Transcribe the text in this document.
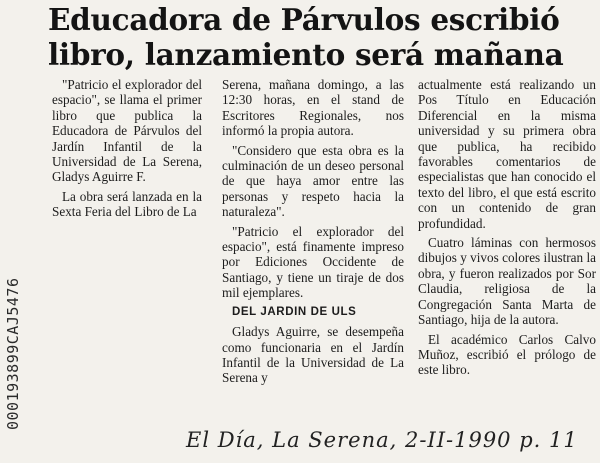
000193899CAJ5476
Educadora de Párvulos escribió
libro, lanzamiento será mañana

"Patricio el explorador del espacio", se llama el primer libro que publica la Educadora de Párvulos del Jardín Infantil de la Universidad de La Serena, Gladys Aguirre F.

La obra será lanzada en la Sexta Feria del Libro de La

Serena, mañana domingo, a las 12:30 horas, en el stand de Escritores Regionales, nos informó la propia autora.

"Considero que esta obra es la culminación de un deseo personal de que haya amor entre las personas y respeto hacia la naturaleza".

"Patricio el explorador del espacio", está finamente impreso por Ediciones Occidente de Santiago, y tiene un tiraje de dos mil ejemplares.

DEL JARDIN DE ULS

Gladys Aguirre, se desempeña como funcionaria en el Jardín Infantil de la Universidad de La Serena y

actualmente está realizando un Pos Título en Educación Diferencial en la misma universidad y su primera obra que publica, ha recibido favorables comentarios de especialistas que han conocido el texto del libro, el que está escrito con un contenido de gran profundidad.

Cuatro láminas con hermosos dibujos y vivos colores ilustran la obra, y fueron realizados por Sor Claudia, religiosa de la Congregación Santa Marta de Santiago, hija de la autora.

El académico Carlos Calvo Muñoz, escribió el prólogo de este libro.

El Día, La Serena, 2-II-1990 p. 11
